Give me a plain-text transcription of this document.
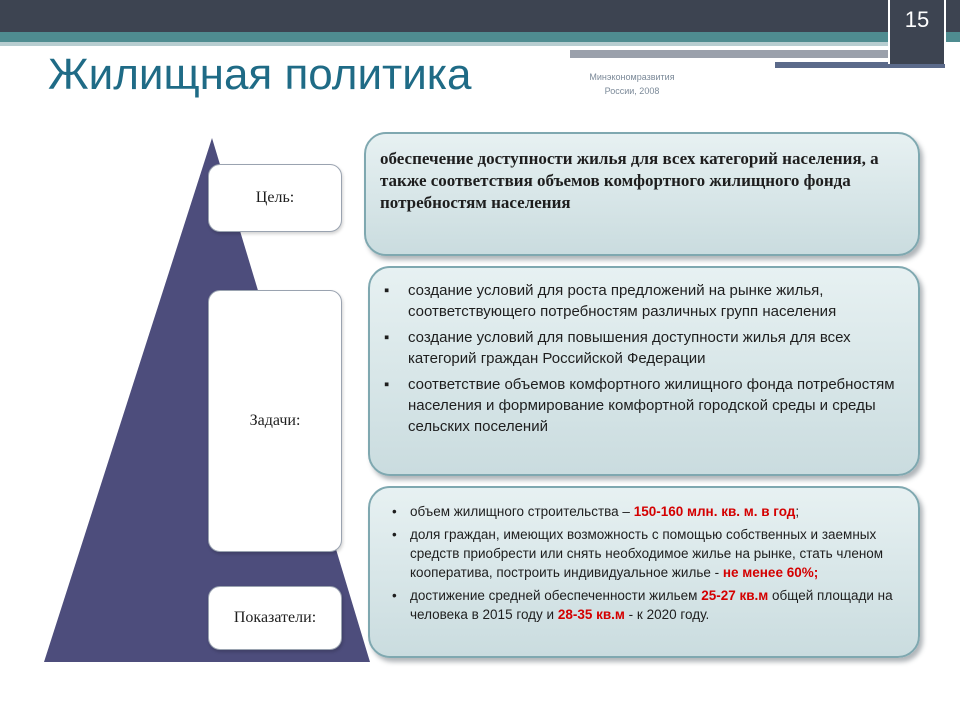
15
Жилищная политика	Минэкономразвития
России, 2008
Цель:
Задачи:
Показатели:
обеспечение доступности жилья для всех категорий населения, а также соответствия объемов комфортного жилищного фонда потребностям населения
▪ создание условий для роста предложений на рынке жилья, соответствующего потребностям различных групп населения
▪ создание условий для повышения доступности жилья для всех категорий граждан Российской Федерации
▪ соответствие объемов комфортного жилищного фонда потребностям населения и формирование комфортной городской среды и среды сельских поселений
• объем жилищного строительства – 150-160 млн. кв. м. в год;
• доля граждан, имеющих возможность с помощью собственных и заемных средств приобрести или снять необходимое жилье на рынке, стать членом кооператива, построить индивидуальное жилье - не менее 60%;
• достижение средней обеспеченности жильем 25-27 кв.м общей площади на человека в 2015 году и 28-35 кв.м - к 2020 году.
